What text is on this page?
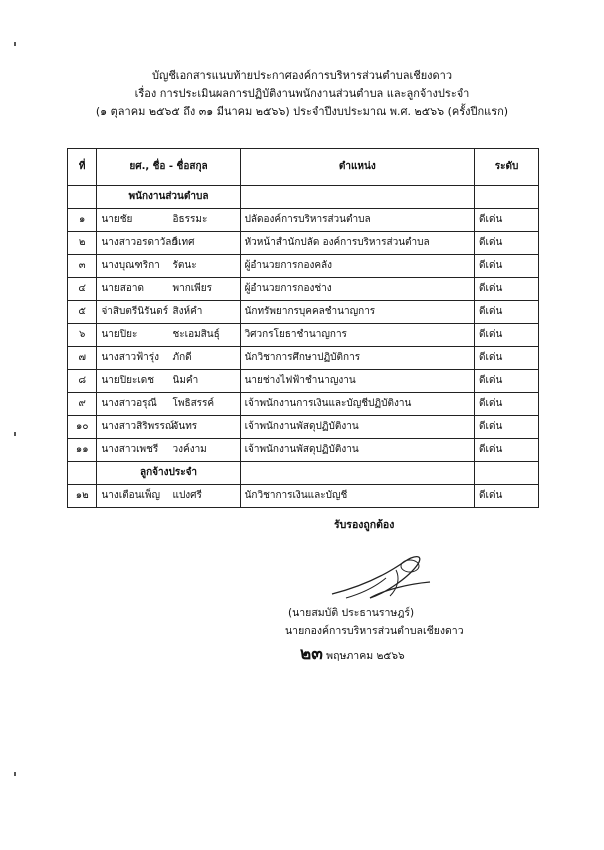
บัญชีเอกสารแนบท้ายประกาศองค์การบริหารส่วนตำบลเชียงดาว
เรื่อง การประเมินผลการปฏิบัติงานพนักงานส่วนตำบล และลูกจ้างประจำ
(๑ ตุลาคม ๒๕๖๕ ถึง ๓๑ มีนาคม ๒๕๖๖) ประจำปีงบประมาณ พ.ศ. ๒๕๖๖ (ครั้งปีกแรก)
ที่	ยศ., ชื่อ - ชื่อสกุล		ตำแหน่ง	ระดับ
	พนักงานส่วนตำบล			
๑	นายชัย	อิธรรมะ	ปลัดองค์การบริหารส่วนตำบล	ดีเด่น
๒	นางสาวอรดาวัลย์	วิเทศ	หัวหน้าสำนักปลัด องค์การบริหารส่วนตำบล	ดีเด่น
๓	นางบุณฑริกา	รัตนะ	ผู้อำนวยการกองคลัง	ดีเด่น
๔	นายสอาด	พากเพียร	ผู้อำนวยการกองช่าง	ดีเด่น
๕	จ่าสิบตรีนิรันดร์	สิงห์คำ	นักทรัพยากรบุคคลชำนาญการ	ดีเด่น
๖	นายปิยะ	ชะเอมสินธุ์	วิศวกรโยธาชำนาญการ	ดีเด่น
๗	นางสาวฟ้ารุ่ง	ภักดี	นักวิชาการศึกษาปฏิบัติการ	ดีเด่น
๘	นายปิยะเดช	นิมคำ	นายช่างไฟฟ้าชำนาญงาน	ดีเด่น
๙	นางสาวอรุณี	โพธิสรรค์	เจ้าพนักงานการเงินและบัญชีปฏิบัติงาน	ดีเด่น
๑๐	นางสาวสิริพรรณ์	จันทร	เจ้าพนักงานพัสดุปฏิบัติงาน	ดีเด่น
๑๑	นางสาวเพชรี	วงค์งาม	เจ้าพนักงานพัสดุปฏิบัติงาน	ดีเด่น
	ลูกจ้างประจำ			
๑๒	นางเตือนเพ็ญ	แปงศรี	นักวิชาการเงินและบัญชี	ดีเด่น
รับรองถูกต้อง
(นายสมบัติ ประธานราษฎร์)
นายกองค์การบริหารส่วนตำบลเชียงดาว
๒๓ พฤษภาคม ๒๕๖๖
